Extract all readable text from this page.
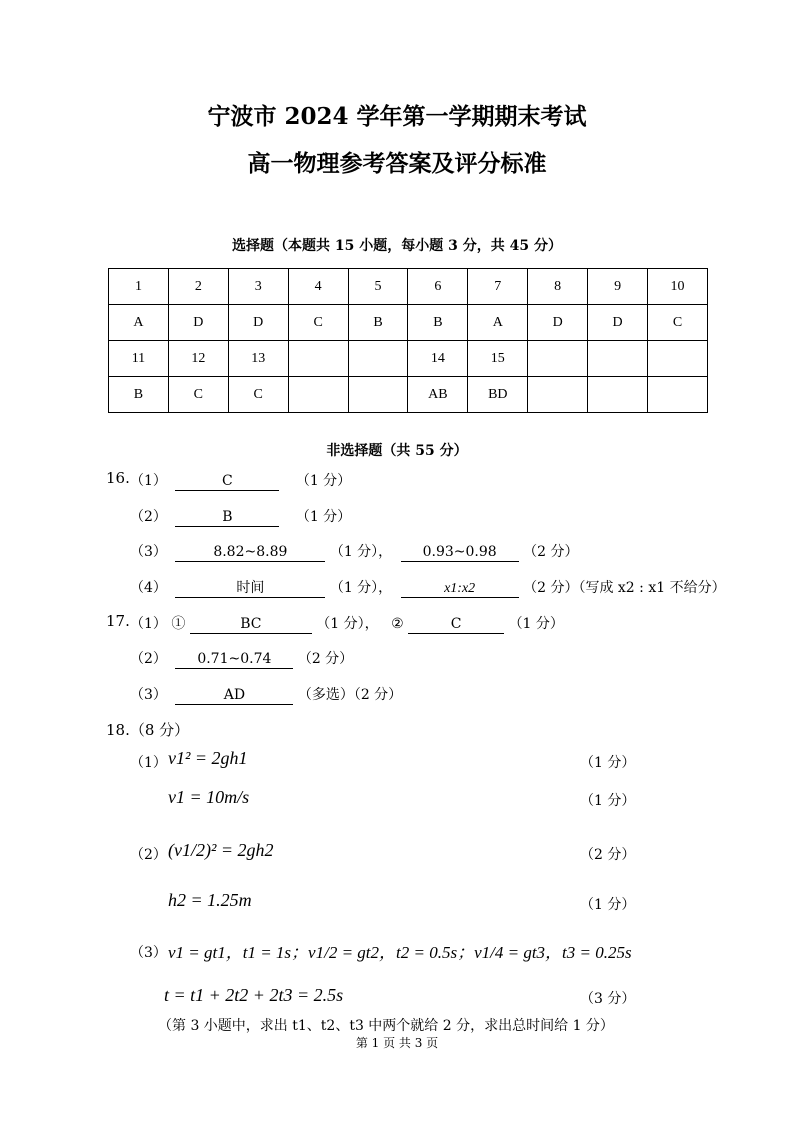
宁波市 2024 学年第一学期期末考试
高一物理参考答案及评分标准
选择题（本题共 15 小题，每小题 3 分，共 45 分）
1	2	3	4	5	6	7	8	9	10
A	D	D	C	B	B	A	D	D	C
11	12	13			14	15			
B	C	C			AB	BD			
非选择题（共 55 分）
16. （1）	C	（1 分）
（2）	B	（1 分）
（3）	8.82~8.89	（1 分）， 0.93~0.98 （2 分）
（4）	时间	（1 分），	x1:x2	（2 分）（写成 x2 : x1 不给分）
17. （1） ①	BC	（1 分）， ②	C	（1 分）
（2） 0.71~0.74 （2 分）
（3）	AD	（多选）（2 分）
18.（8 分）
（1） v1² = 2gh1	（1 分）
v1 = 10m/s	（1 分）
（2） (v1/2)² = 2gh2	（2 分）
h2 = 1.25m	（1 分）
（3） v1 = gt1，t1 = 1s；v1/2 = gt2，t2 = 0.5s；v1/4 = gt3，t3 = 0.25s
t = t1 + 2t2 + 2t3 = 2.5s	（3 分）
（第 3 小题中，求出 t1、t2、t3 中两个就给 2 分，求出总时间给 1 分）
第 1 页 共 3 页
